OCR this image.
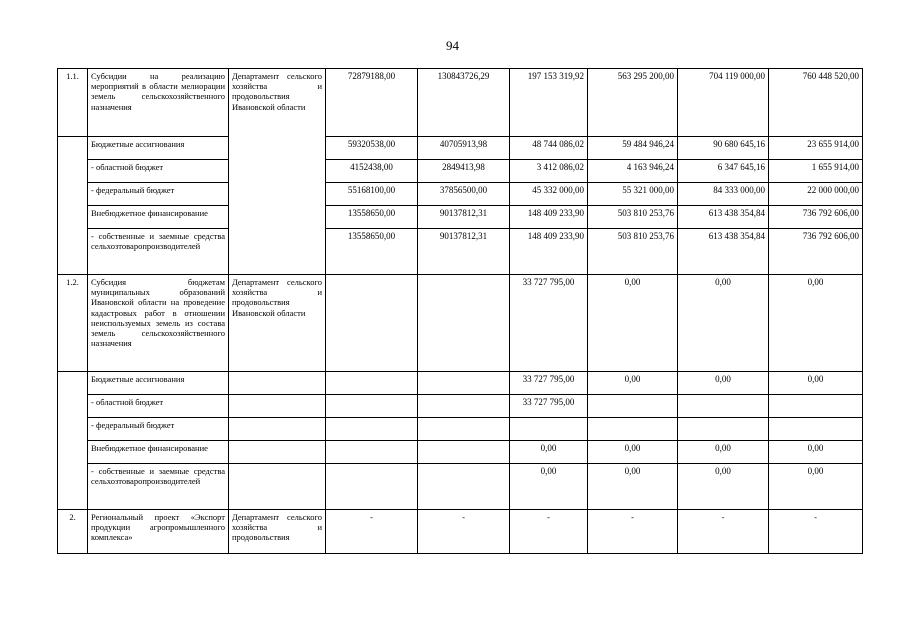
94
1.1.	Субсидии на реализацию мероприятий в области мелиорации земель сельскохозяйственного назначения	Департамент сельского хозяйства и продовольствия Ивановской области	72879188,00	130843726,29	197 153 319,92	563 295 200,00	704 119 000,00	760 448 520,00
	Бюджетные ассигнования		59320538,00	40705913,98	48 744 086,02	59 484 946,24	90 680 645,16	23 655 914,00
	- областной бюджет		4152438,00	2849413,98	3 412 086,02	4 163 946,24	6 347 645,16	1 655 914,00
	- федеральный бюджет		55168100,00	37856500,00	45 332 000,00	55 321 000,00	84 333 000,00	22 000 000,00
	Внебюджетное финансирование		13558650,00	90137812,31	148 409 233,90	503 810 253,76	613 438 354,84	736 792 606,00
	- собственные и заемные средства сельхозтоваропроизводителей		13558650,00	90137812,31	148 409 233,90	503 810 253,76	613 438 354,84	736 792 606,00
1.2.	Субсидия бюджетам муниципальных образований Ивановской области на проведение кадастровых работ в отношении неиспользуемых земель из состава земель сельскохозяйственного назначения	Департамент сельского хозяйства и продовольствия Ивановской области			33 727 795,00	0,00	0,00	0,00
	Бюджетные ассигнования				33 727 795,00	0,00	0,00	0,00
	- областной бюджет				33 727 795,00			
	- федеральный бюджет							
	Внебюджетное финансирование				0,00	0,00	0,00	0,00
	- собственные и заемные средства сельхозтоваропроизводителей				0,00	0,00	0,00	0,00
2.	Региональный проект «Экспорт продукции агропромышленного комплекса»	Департамент сельского хозяйства и продовольствия	-	-	-	-	-	-
